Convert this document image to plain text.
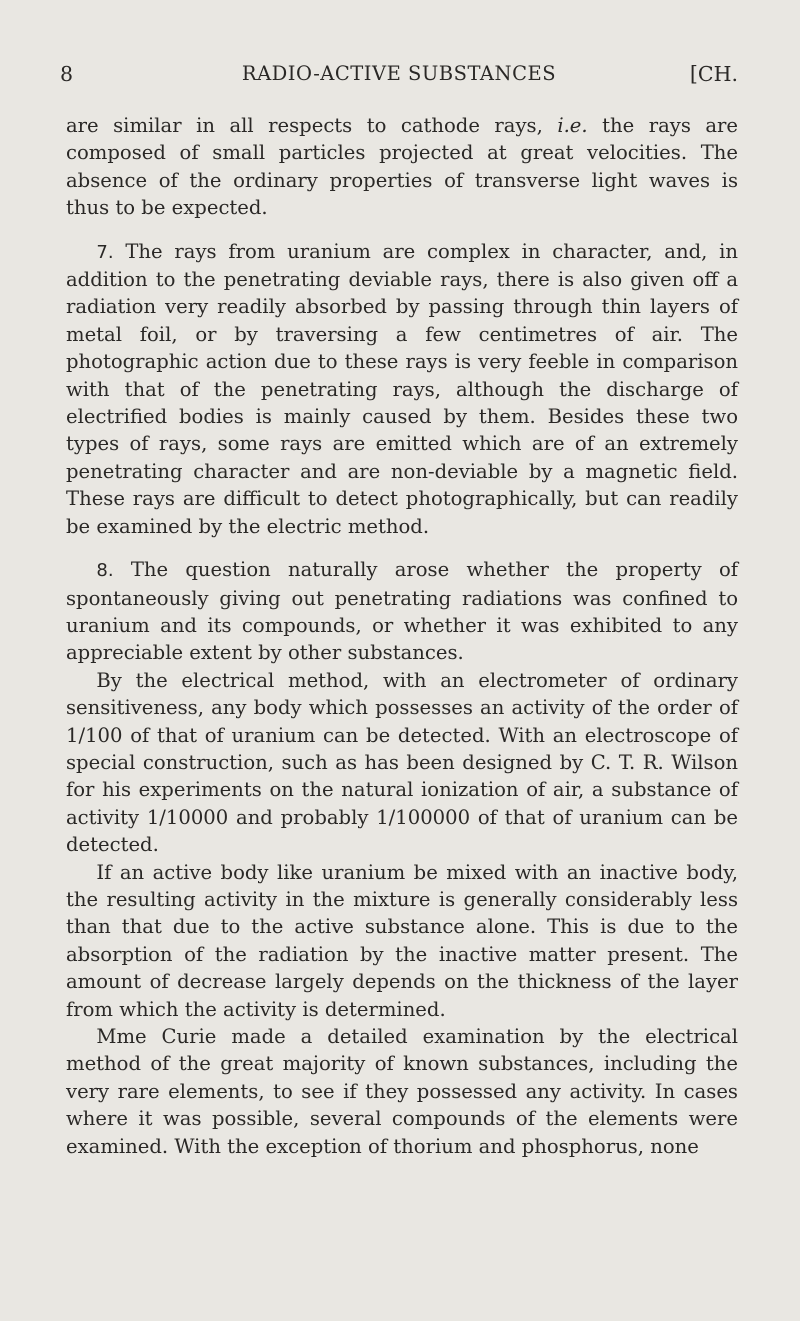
8	RADIO-ACTIVE SUBSTANCES	[CH.

are similar in all respects to cathode rays, i.e. the rays are composed of small particles projected at great velocities. The absence of the ordinary properties of transverse light waves is thus to be expected.

7. The rays from uranium are complex in character, and, in addition to the penetrating deviable rays, there is also given off a radiation very readily absorbed by passing through thin layers of metal foil, or by traversing a few centimetres of air. The photographic action due to these rays is very feeble in comparison with that of the penetrating rays, although the discharge of electrified bodies is mainly caused by them. Besides these two types of rays, some rays are emitted which are of an extremely penetrating character and are non-deviable by a magnetic field. These rays are difficult to detect photographically, but can readily be examined by the electric method.

8. The question naturally arose whether the property of spontaneously giving out penetrating radiations was confined to uranium and its compounds, or whether it was exhibited to any appreciable extent by other substances.

By the electrical method, with an electrometer of ordinary sensitiveness, any body which possesses an activity of the order of 1/100 of that of uranium can be detected. With an electroscope of special construction, such as has been designed by C. T. R. Wilson for his experiments on the natural ionization of air, a substance of activity 1/10000 and probably 1/100000 of that of uranium can be detected.

If an active body like uranium be mixed with an inactive body, the resulting activity in the mixture is generally considerably less than that due to the active substance alone. This is due to the absorption of the radiation by the inactive matter present. The amount of decrease largely depends on the thickness of the layer from which the activity is determined.

Mme Curie made a detailed examination by the electrical method of the great majority of known substances, including the very rare elements, to see if they possessed any activity. In cases where it was possible, several compounds of the elements were examined. With the exception of thorium and phosphorus, none
